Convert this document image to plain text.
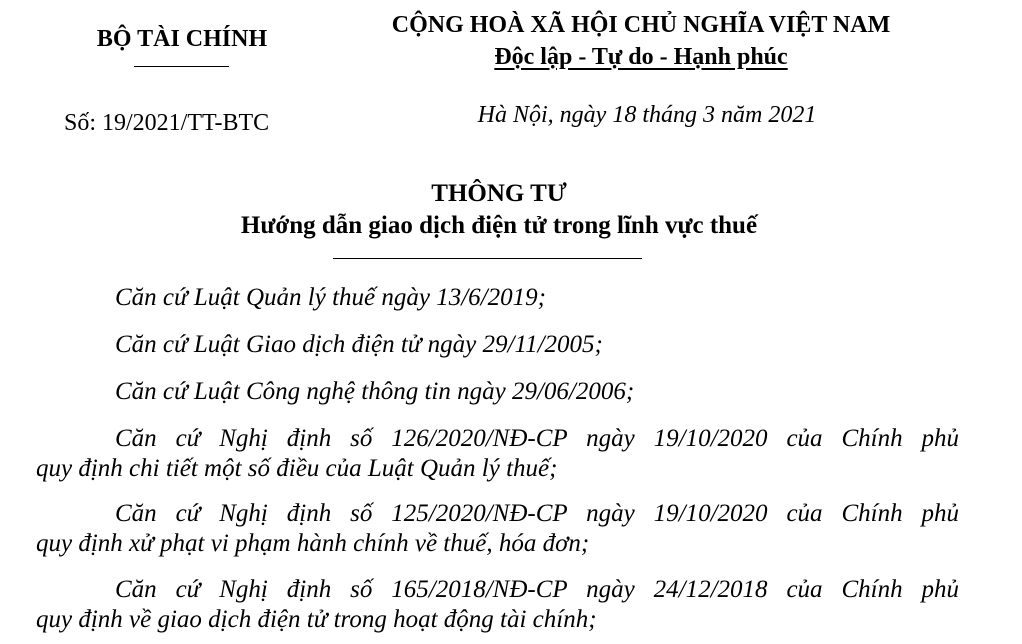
BỘ TÀI CHÍNH
CỘNG HOÀ XÃ HỘI CHỦ NGHĨA VIỆT NAM
Độc lập - Tự do - Hạnh phúc
Số: 19/2021/TT-BTC	Hà Nội, ngày 18 tháng 3 năm 2021
THÔNG TƯ
Hướng dẫn giao dịch điện tử trong lĩnh vực thuế
Căn cứ Luật Quản lý thuế ngày 13/6/2019;
Căn cứ Luật Giao dịch điện tử ngày 29/11/2005;
Căn cứ Luật Công nghệ thông tin ngày 29/06/2006;
Căn cứ Nghị định số 126/2020/NĐ-CP ngày 19/10/2020 của Chính phủ
quy định chi tiết một số điều của Luật Quản lý thuế;
Căn cứ Nghị định số 125/2020/NĐ-CP ngày 19/10/2020 của Chính phủ
quy định xử phạt vi phạm hành chính về thuế, hóa đơn;
Căn cứ Nghị định số 165/2018/NĐ-CP ngày 24/12/2018 của Chính phủ
quy định về giao dịch điện tử trong hoạt động tài chính;
